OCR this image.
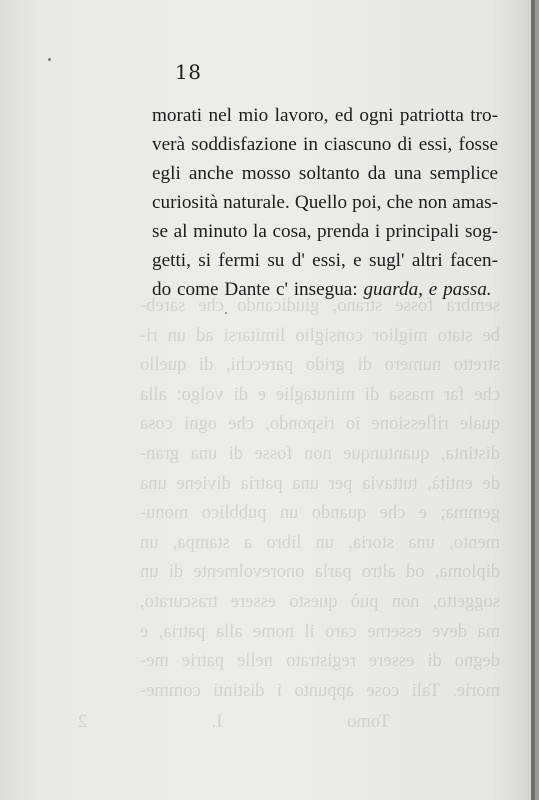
sembra fosse strano, giudicando che sareb-
be stato miglior consiglio limitarsi ad un ri-
stretto numero di grido parecchi, di quello
che far massa di minutaglie e di volgo: alla
quale riflessione io rispondo, che ogni cosa
distinta, quantunque non fosse di una gran-
de entità, tuttavia per una patria diviene una
gemma; e che quando un pubblico monu-
mento, una storia, un libro a stampa, un
diploma, od altro parla onorevolmente di un
soggetto, non può questo essere trascurato,
ma deve esserne caro il nome alla patria, e
degno di essere registrato nelle patrie me-
morie. Tali cose appunto i distinti comme-
Tomo I. 2
18
morati nel mio lavoro, ed ogni patriotta tro-
verà soddisfazione in ciascuno di essi, fosse
egli anche mosso soltanto da una semplice
curiosità naturale. Quello poi, che non amas-
se al minuto la cosa, prenda i principali sog-
getti, si fermi su d' essi, e sugl' altri facen-
do come Dante c' insegua: guarda, e passa.
